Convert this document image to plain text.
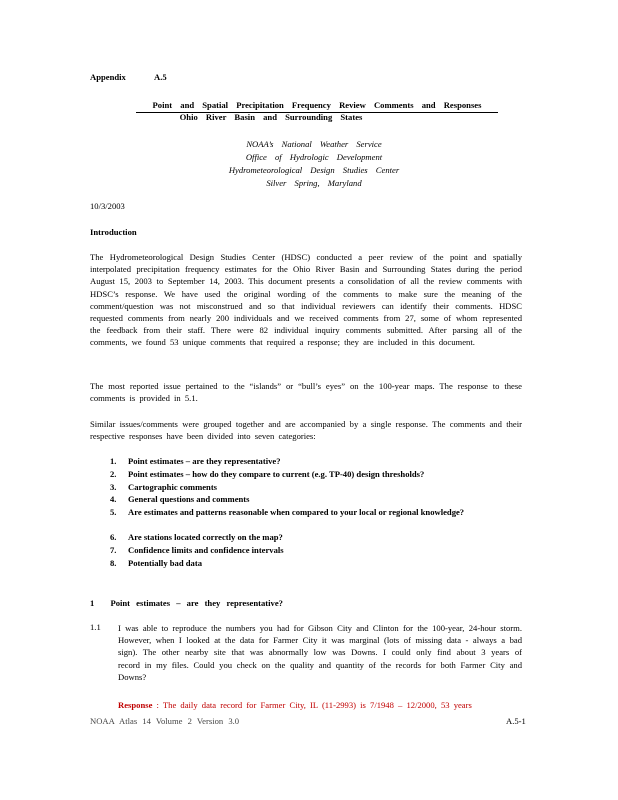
Appendix	A.5
Point and Spatial Precipitation Frequency Review Comments and Responses
Ohio River Basin and Surrounding States
NOAA’s National Weather Service
Office of Hydrologic Development
Hydrometeorological Design Studies Center
Silver Spring, Maryland
10/3/2003
Introduction
The Hydrometeorological Design Studies Center (HDSC) conducted a peer review of the point and spatially interpolated precipitation frequency estimates for the Ohio River Basin and Surrounding States during the period August 15, 2003 to September 14, 2003. This document presents a consolidation of all the review comments with HDSC’s response. We have used the original wording of the comments to make sure the meaning of the comment/question was not misconstrued and so that individual reviewers can identify their comments. HDSC requested comments from nearly 200 individuals and we received comments from 27, some of whom represented the feedback from their staff. There were 82 individual inquiry comments submitted. After parsing all of the comments, we found 53 unique comments that required a response; they are included in this document.
The most reported issue pertained to the “islands” or “bull’s eyes” on the 100-year maps. The response to these comments is provided in 5.1.
Similar issues/comments were grouped together and are accompanied by a single response. The comments and their respective responses have been divided into seven categories:
1. Point estimates – are they representative?
2. Point estimates – how do they compare to current (e.g. TP-40) design thresholds?
3. Cartographic comments
4. General questions and comments
5. Are estimates and patterns reasonable when compared to your local or regional knowledge?
6. Are stations located correctly on the map?
7. Confidence limits and confidence intervals
8. Potentially bad data
1 Point estimates – are they representative?
1.1 I was able to reproduce the numbers you had for Gibson City and Clinton for the 100-year, 24-hour storm. However, when I looked at the data for Farmer City it was marginal (lots of missing data - always a bad sign). The other nearby site that was abnormally low was Downs. I could only find about 3 years of record in my files. Could you check on the quality and quantity of the records for both Farmer City and Downs?
Response : The daily data record for Farmer City, IL (11-2993) is 7/1948 – 12/2000, 53 years
NOAA Atlas 14 Volume 2 Version 3.0	A.5-1
